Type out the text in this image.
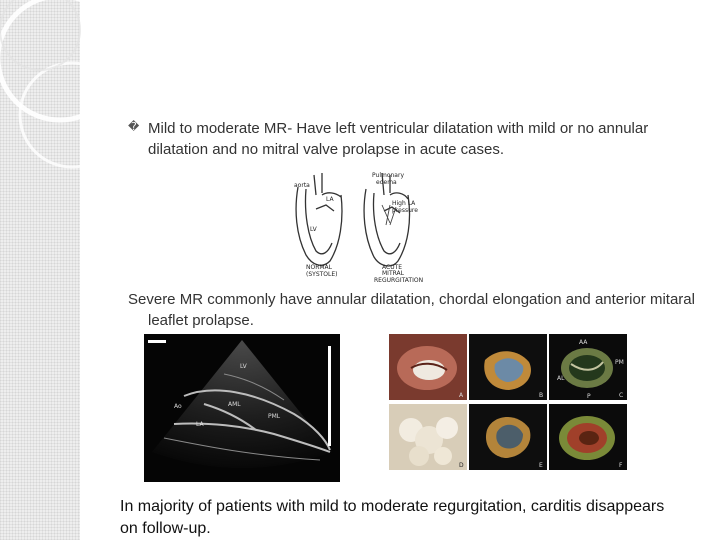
� Mild to moderate MR- Have left ventricular dilatation with mild or no annular dilatation and no mitral valve prolapse in acute cases.
aorta
LA
LV
NORMAL
(SYSTOLE)
Pulmonary
edema
High LA
pressure
ACUTE
MITRAL
REGURGITATION
Severe MR commonly have annular dilatation, chordal elongation and anterior mitaral leaflet prolapse.
LV
LA
Ao	AML
PML
A	B	C
D	E	F
AA
PM
AL
P
In majority of patients with mild to moderate regurgitation, carditis disappears on follow-up.
